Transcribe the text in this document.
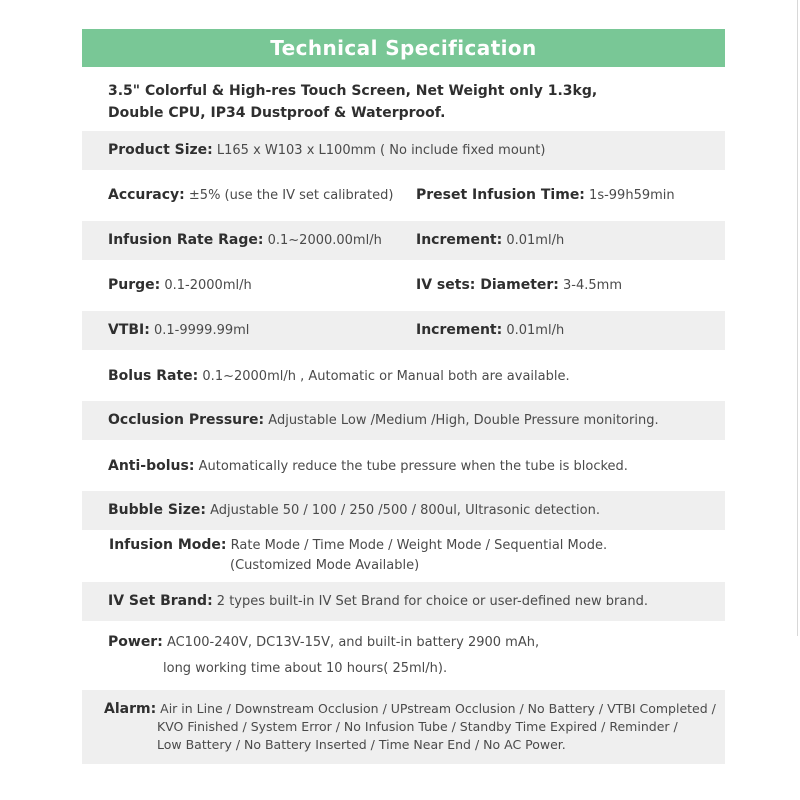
Technical Specification
3.5" Colorful & High-res Touch Screen, Net Weight only 1.3kg,
Double CPU, IP34 Dustproof & Waterproof.
Product Size: L165 x W103 x L100mm ( No include fixed mount)
Accuracy: ±5% (use the IV set calibrated) Preset Infusion Time: 1s-99h59min
Infusion Rate Rage: 0.1~2000.00ml/h Increment: 0.01ml/h
Purge: 0.1-2000ml/h	IV sets: Diameter: 3-4.5mm
VTBI: 0.1-9999.99ml	Increment: 0.01ml/h
Bolus Rate: 0.1~2000ml/h , Automatic or Manual both are available.
Occlusion Pressure: Adjustable Low /Medium /High, Double Pressure monitoring.
Anti-bolus: Automatically reduce the tube pressure when the tube is blocked.
Bubble Size: Adjustable 50 / 100 / 250 /500 / 800ul, Ultrasonic detection.
Infusion Mode: Rate Mode / Time Mode / Weight Mode / Sequential Mode.
(Customized Mode Available)
IV Set Brand: 2 types built-in IV Set Brand for choice or user-defined new brand.
Power: AC100-240V, DC13V-15V, and built-in battery 2900 mAh,
long working time about 10 hours( 25ml/h).
Alarm: Air in Line / Downstream Occlusion / UPstream Occlusion / No Battery / VTBI Completed /
KVO Finished / System Error / No Infusion Tube / Standby Time Expired / Reminder /
Low Battery / No Battery Inserted / Time Near End / No AC Power.
